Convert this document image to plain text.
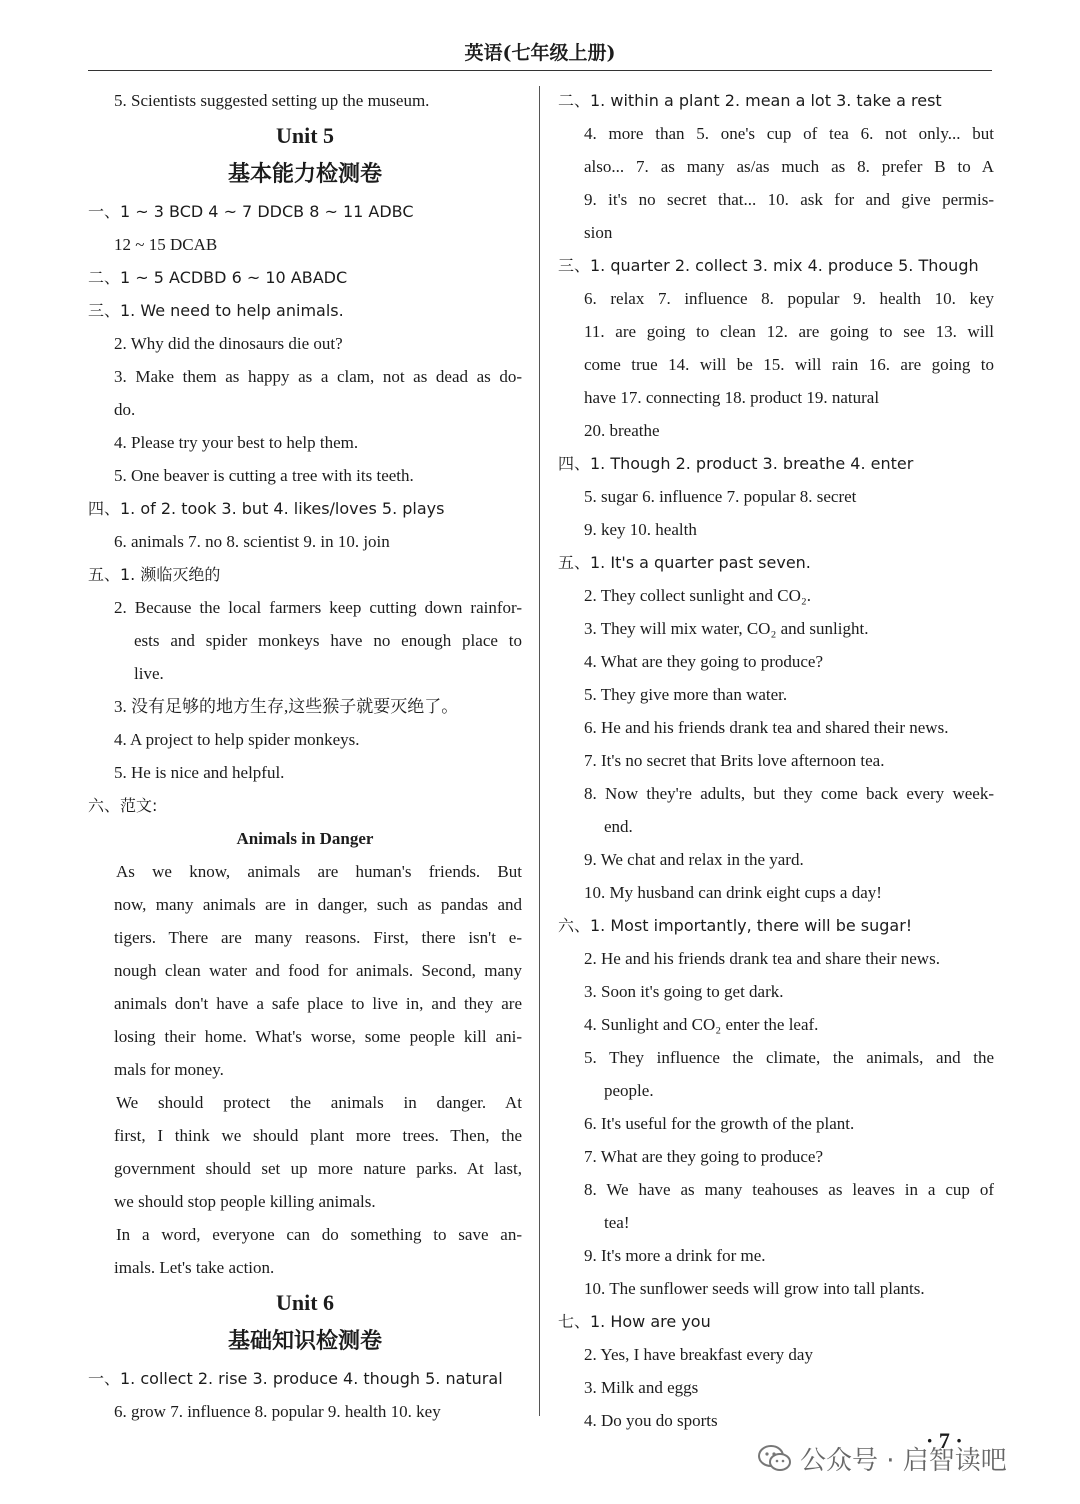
英语(七年级上册)
5. Scientists suggested setting up the museum.
Unit 5
基本能力检测卷
一、1 ~ 3 BCD 4 ~ 7 DDCB 8 ~ 11 ADBC
12 ~ 15 DCAB
二、1 ~ 5 ACDBD 6 ~ 10 ABADC
三、1. We need to help animals.
2. Why did the dinosaurs die out?
3. Make them as happy as a clam, not as dead as do-
do.
4. Please try your best to help them.
5. One beaver is cutting a tree with its teeth.
四、1. of 2. took 3. but 4. likes/loves 5. plays
6. animals 7. no 8. scientist 9. in 10. join
五、1. 濒临灭绝的
2. Because the local farmers keep cutting down rainfor-
ests and spider monkeys have no enough place to
live.
3. 没有足够的地方生存,这些猴子就要灭绝了。
4. A project to help spider monkeys.
5. He is nice and helpful.
六、范文:
Animals in Danger
As we know, animals are human's friends. But
now, many animals are in danger, such as pandas and
tigers. There are many reasons. First, there isn't e-
nough clean water and food for animals. Second, many
animals don't have a safe place to live in, and they are
losing their home. What's worse, some people kill ani-
mals for money.
We should protect the animals in danger. At
first, I think we should plant more trees. Then, the
government should set up more nature parks. At last,
we should stop people killing animals.
In a word, everyone can do something to save an-
imals. Let's take action.
Unit 6
基础知识检测卷
一、1. collect 2. rise 3. produce 4. though 5. natural
6. grow 7. influence 8. popular 9. health 10. key
二、1. within a plant 2. mean a lot 3. take a rest
4. more than 5. one's cup of tea 6. not only... but
also... 7. as many as/as much as 8. prefer B to A
9. it's no secret that... 10. ask for and give permis-
sion
三、1. quarter 2. collect 3. mix 4. produce 5. Though
6. relax 7. influence 8. popular 9. health 10. key
11. are going to clean 12. are going to see 13. will
come true 14. will be 15. will rain 16. are going to
have 17. connecting 18. product 19. natural
20. breathe
四、1. Though 2. product 3. breathe 4. enter
5. sugar 6. influence 7. popular 8. secret
9. key 10. health
五、1. It's a quarter past seven.
2. They collect sunlight and CO₂.
3. They will mix water, CO₂ and sunlight.
4. What are they going to produce?
5. They give more than water.
6. He and his friends drank tea and shared their news.
7. It's no secret that Brits love afternoon tea.
8. Now they're adults, but they come back every week-
end.
9. We chat and relax in the yard.
10. My husband can drink eight cups a day!
六、1. Most importantly, there will be sugar!
2. He and his friends drank tea and share their news.
3. Soon it's going to get dark.
4. Sunlight and CO₂ enter the leaf.
5. They influence the climate, the animals, and the
people.
6. It's useful for the growth of the plant.
7. What are they going to produce?
8. We have as many teahouses as leaves in a cup of
tea!
9. It's more a drink for me.
10. The sunflower seeds will grow into tall plants.
七、1. How are you
2. Yes, I have breakfast every day
3. Milk and eggs
4. Do you do sports
· 7 ·
公众号 · 启智读吧
